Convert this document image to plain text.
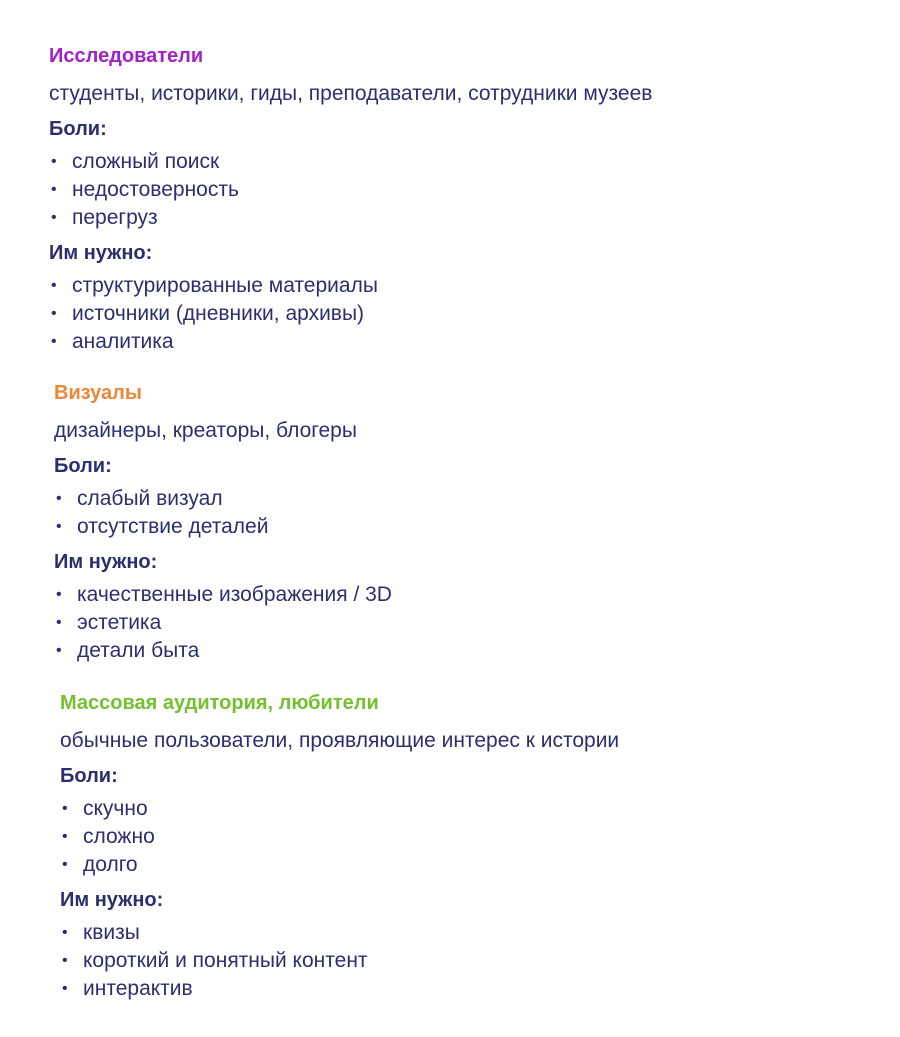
Исследователи
студенты, историки, гиды, преподаватели, сотрудники музеев
Боли:
• сложный поиск
• недостоверность
• перегруз
Им нужно:
• структурированные материалы
• источники (дневники, архивы)
• аналитика
Визуалы
дизайнеры, креаторы, блогеры
Боли:
• слабый визуал
• отсутствие деталей
Им нужно:
• качественные изображения / 3D
• эстетика
• детали быта
Массовая аудитория, любители
обычные пользователи, проявляющие интерес к истории
Боли:
• скучно
• сложно
• долго
Им нужно:
• квизы
• короткий и понятный контент
• интерактив
